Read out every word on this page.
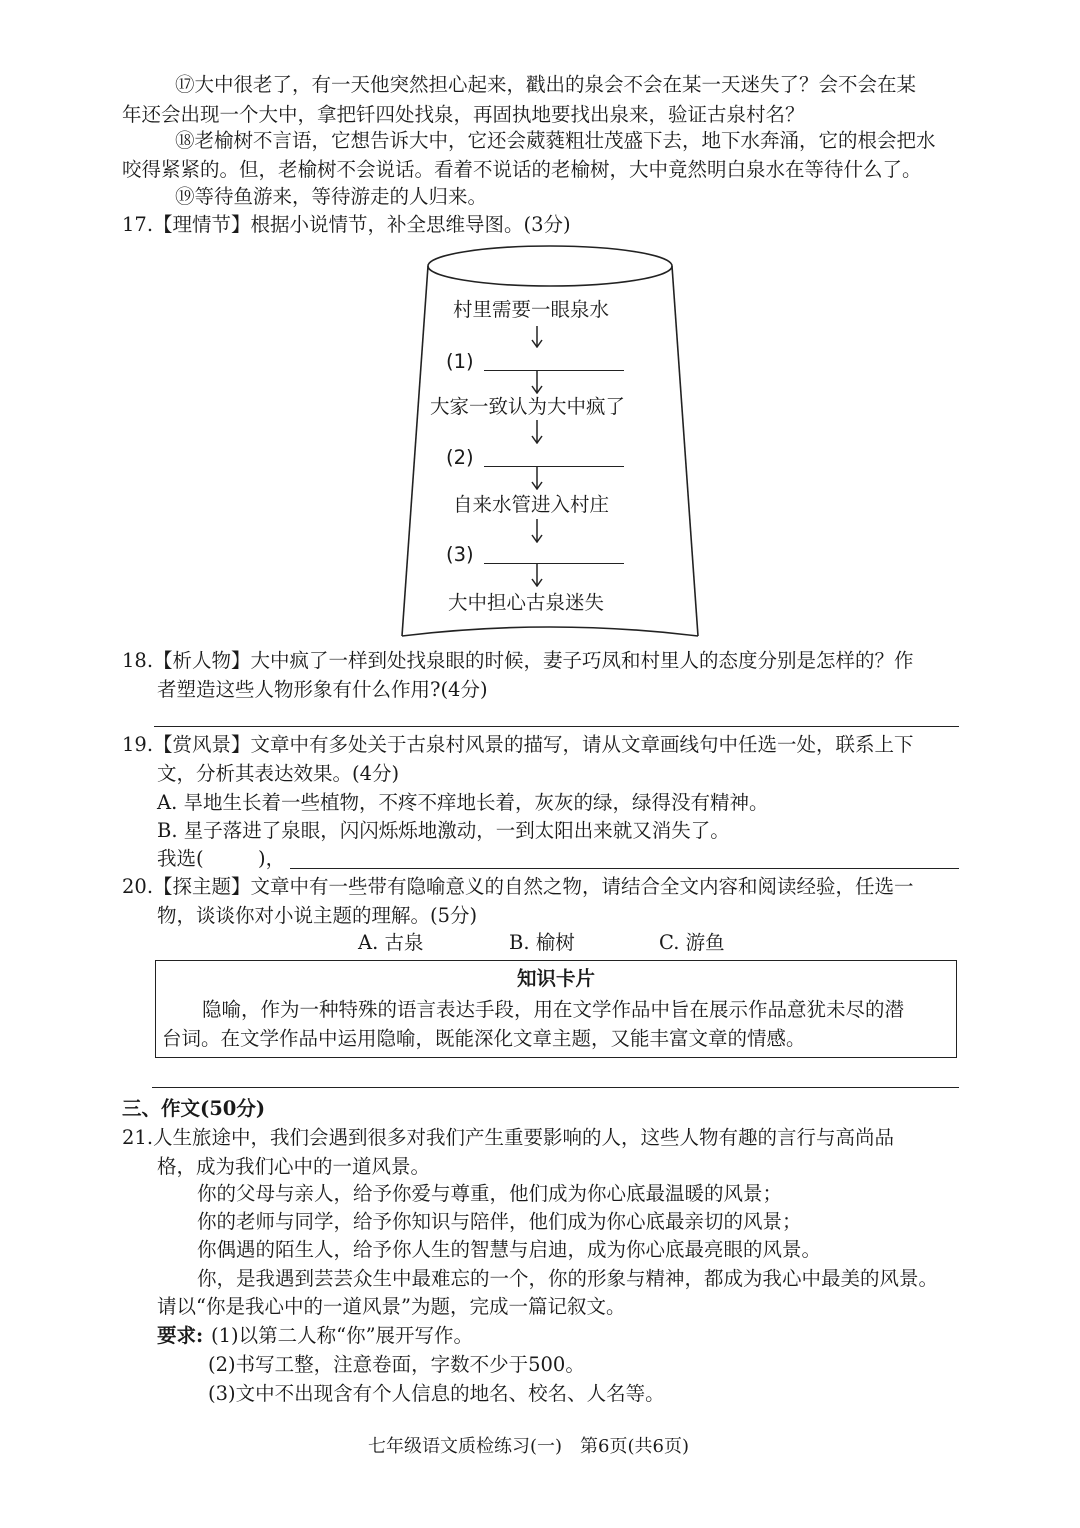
⑰大中很老了，有一天他突然担心起来，戳出的泉会不会在某一天迷失了？会不会在某
年还会出现一个大中，拿把钎四处找泉，再固执地要找出泉来，验证古泉村名？
⑱老榆树不言语，它想告诉大中，它还会葳蕤粗壮茂盛下去，地下水奔涌，它的根会把水
咬得紧紧的。但，老榆树不会说话。看着不说话的老榆树，大中竟然明白泉水在等待什么了。
⑲等待鱼游来，等待游走的人归来。
17.【理情节】根据小说情节，补全思维导图。(3分)
村里需要一眼泉水
(1)
大家一致认为大中疯了
(2)
自来水管进入村庄
(3)
大中担心古泉迷失
18.【析人物】大中疯了一样到处找泉眼的时候，妻子巧凤和村里人的态度分别是怎样的？作
者塑造这些人物形象有什么作用?(4分)
19.【赏风景】文章中有多处关于古泉村风景的描写，请从文章画线句中任选一处，联系上下
文，分析其表达效果。(4分)
A. 旱地生长着一些植物，不疼不痒地长着，灰灰的绿，绿得没有精神。
B. 星子落进了泉眼，闪闪烁烁地激动，一到太阳出来就又消失了。
我选(	)，
20.【探主题】文章中有一些带有隐喻意义的自然之物，请结合全文内容和阅读经验，任选一
物，谈谈你对小说主题的理解。(5分)
A. 古泉	B. 榆树	C. 游鱼
知识卡片
隐喻，作为一种特殊的语言表达手段，用在文学作品中旨在展示作品意犹未尽的潜
台词。在文学作品中运用隐喻，既能深化文章主题，又能丰富文章的情感。
三、作文(50分)
21.人生旅途中，我们会遇到很多对我们产生重要影响的人，这些人物有趣的言行与高尚品
格，成为我们心中的一道风景。
你的父母与亲人，给予你爱与尊重，他们成为你心底最温暖的风景；
你的老师与同学，给予你知识与陪伴，他们成为你心底最亲切的风景；
你偶遇的陌生人，给予你人生的智慧与启迪，成为你心底最亮眼的风景。
你，是我遇到芸芸众生中最难忘的一个，你的形象与精神，都成为我心中最美的风景。
请以“你是我心中的一道风景”为题，完成一篇记叙文。
要求: (1)以第二人称“你”展开写作。
(2)书写工整，注意卷面，字数不少于500。
(3)文中不出现含有个人信息的地名、校名、人名等。
七年级语文质检练习(一)　第6页(共6页)
